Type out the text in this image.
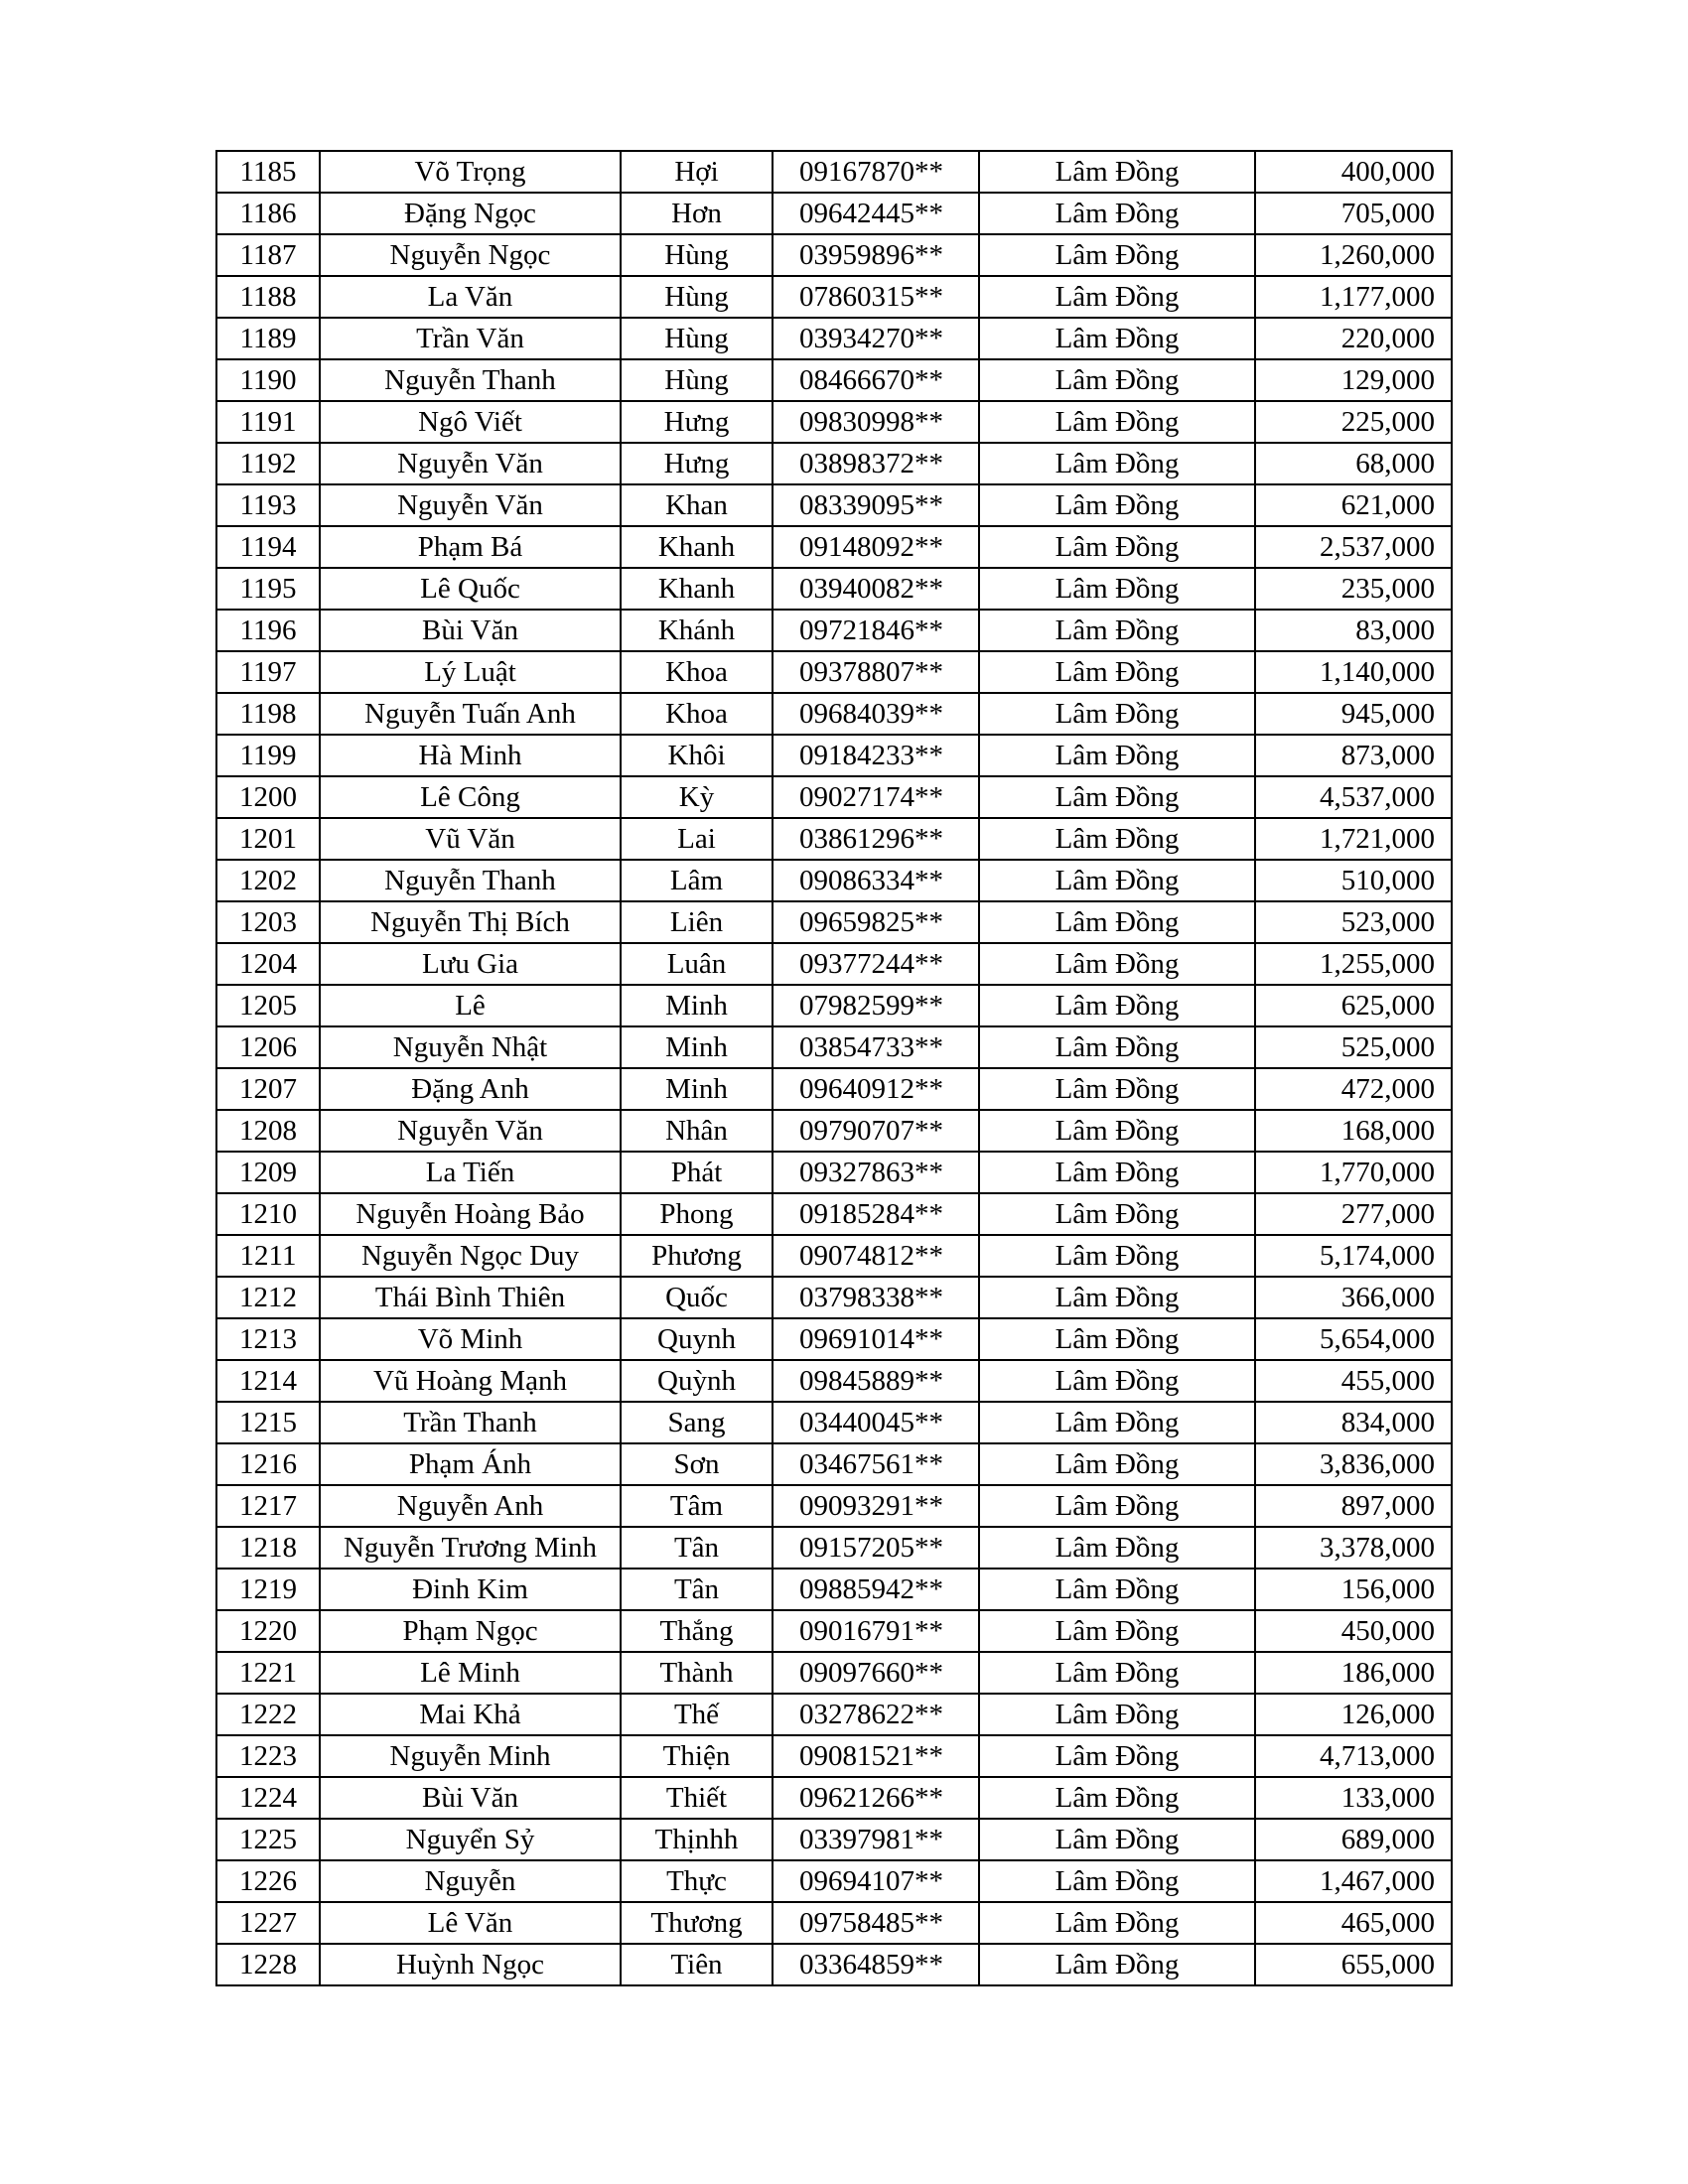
1185	Võ Trọng	Hợi	09167870**	Lâm Đồng	400,000
1186	Đặng Ngọc	Hơn	09642445**	Lâm Đồng	705,000
1187	Nguyễn Ngọc	Hùng	03959896**	Lâm Đồng	1,260,000
1188	La Văn	Hùng	07860315**	Lâm Đồng	1,177,000
1189	Trần Văn	Hùng	03934270**	Lâm Đồng	220,000
1190	Nguyễn Thanh	Hùng	08466670**	Lâm Đồng	129,000
1191	Ngô Viết	Hưng	09830998**	Lâm Đồng	225,000
1192	Nguyễn Văn	Hưng	03898372**	Lâm Đồng	68,000
1193	Nguyễn Văn	Khan	08339095**	Lâm Đồng	621,000
1194	Phạm Bá	Khanh	09148092**	Lâm Đồng	2,537,000
1195	Lê Quốc	Khanh	03940082**	Lâm Đồng	235,000
1196	Bùi Văn	Khánh	09721846**	Lâm Đồng	83,000
1197	Lý Luật	Khoa	09378807**	Lâm Đồng	1,140,000
1198	Nguyễn Tuấn Anh	Khoa	09684039**	Lâm Đồng	945,000
1199	Hà Minh	Khôi	09184233**	Lâm Đồng	873,000
1200	Lê Công	Kỳ	09027174**	Lâm Đồng	4,537,000
1201	Vũ Văn	Lai	03861296**	Lâm Đồng	1,721,000
1202	Nguyễn Thanh	Lâm	09086334**	Lâm Đồng	510,000
1203	Nguyễn Thị Bích	Liên	09659825**	Lâm Đồng	523,000
1204	Lưu Gia	Luân	09377244**	Lâm Đồng	1,255,000
1205	Lê	Minh	07982599**	Lâm Đồng	625,000
1206	Nguyễn Nhật	Minh	03854733**	Lâm Đồng	525,000
1207	Đặng Anh	Minh	09640912**	Lâm Đồng	472,000
1208	Nguyễn Văn	Nhân	09790707**	Lâm Đồng	168,000
1209	La Tiến	Phát	09327863**	Lâm Đồng	1,770,000
1210	Nguyễn Hoàng Bảo	Phong	09185284**	Lâm Đồng	277,000
1211	Nguyễn Ngọc Duy	Phương	09074812**	Lâm Đồng	5,174,000
1212	Thái Bình Thiên	Quốc	03798338**	Lâm Đồng	366,000
1213	Võ Minh	Quynh	09691014**	Lâm Đồng	5,654,000
1214	Vũ Hoàng Mạnh	Quỳnh	09845889**	Lâm Đồng	455,000
1215	Trần Thanh	Sang	03440045**	Lâm Đồng	834,000
1216	Phạm Ánh	Sơn	03467561**	Lâm Đồng	3,836,000
1217	Nguyễn Anh	Tâm	09093291**	Lâm Đồng	897,000
1218	Nguyễn Trương Minh	Tân	09157205**	Lâm Đồng	3,378,000
1219	Đinh Kim	Tân	09885942**	Lâm Đồng	156,000
1220	Phạm Ngọc	Thắng	09016791**	Lâm Đồng	450,000
1221	Lê Minh	Thành	09097660**	Lâm Đồng	186,000
1222	Mai Khả	Thế	03278622**	Lâm Đồng	126,000
1223	Nguyễn Minh	Thiện	09081521**	Lâm Đồng	4,713,000
1224	Bùi Văn	Thiết	09621266**	Lâm Đồng	133,000
1225	Nguyển Sỷ	Thịnhh	03397981**	Lâm Đồng	689,000
1226	Nguyễn	Thực	09694107**	Lâm Đồng	1,467,000
1227	Lê Văn	Thương	09758485**	Lâm Đồng	465,000
1228	Huỳnh Ngọc	Tiên	03364859**	Lâm Đồng	655,000
